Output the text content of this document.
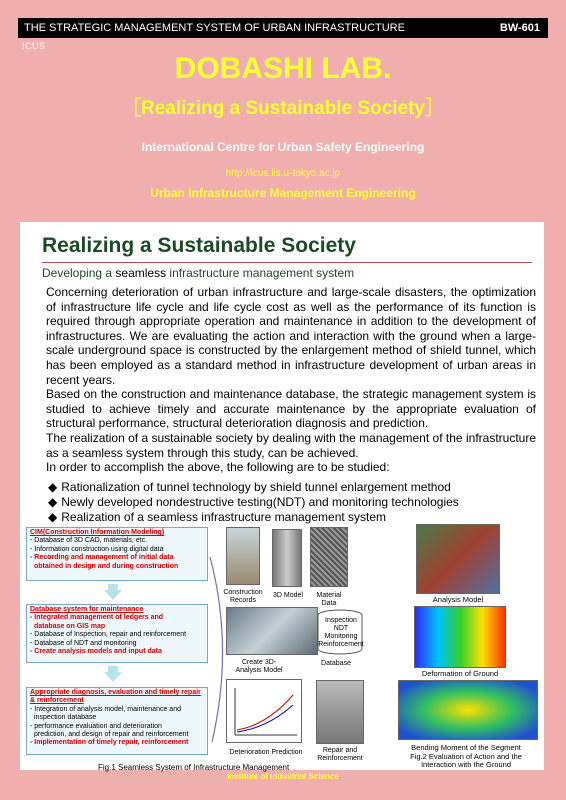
THE STRATEGIC MANAGEMENT SYSTEM OF URBAN INFRASTRUCTURE	BW-601
ICUS
DOBASHI LAB.
［Realizing a Sustainable Society］
International Centre for Urban Safety Engineering
http://icus.iis.u-tokyo.ac.jp
Urban Infrastructure Management Engineering
Realizing a Sustainable Society
Developing a seamless infrastructure management system

Concerning deterioration of urban infrastructure and large-scale disasters, the optimization of infrastructure life cycle and life cycle cost as well as the performance of its function is required through appropriate operation and maintenance in addition to the development of infrastructures. We are evaluating the action and interaction with the ground when a large-scale underground space is constructed by the enlargement method of shield tunnel, which has been employed as a standard method in infrastructure development of urban areas in recent years.

Based on the construction and maintenance database, the strategic management system is studied to achieve timely and accurate maintenance by the appropriate evaluation of structural performance, structural deterioration diagnosis and prediction.

The realization of a sustainable society by dealing with the management of the infrastructure as a seamless system through this study, can be achieved.

In order to accomplish the above, the following are to be studied:

◆ Rationalization of tunnel technology by shield tunnel enlargement method
◆ Newly developed nondestructive testing(NDT) and monitoring technologies
◆ Realization of a seamless infrastructure management system
CIM(Construction Information Modeling)
- Database of 3D CAD, materials, etc.
- Information construction using digital data
- Recording and management of initial data
obtained in design and during construction
Database system for maintenance
- Integrated management of ledgers and
database on GIS map
- Database of Inspection, repair and reinforcement
- Database of NDT and monitoring
- Create analysis models and input data
Appropriate diagnosis, evaluation and timely repair & reinforcement
- Integration of analysis model, maintenance and
inspection database
- performance evaluation and deterioration
prediction, and design of repair and reinforcement
- Implementation of timely repair, reinforcement
Construction Records
3D Model	Material Data
Create 3D-Analysis Model
Inspection NDT Monitoring Reinforcement
Database
Deterioration Prediction	Repair and Reinforcement
Fig.1 Seamless System of Infrastructure Management
Analysis Model
Deformation of Ground
Bending Moment of the Segment
Fig.2 Evaluation of Action and the Interaction with the Ground
Institute of Industrial Science
